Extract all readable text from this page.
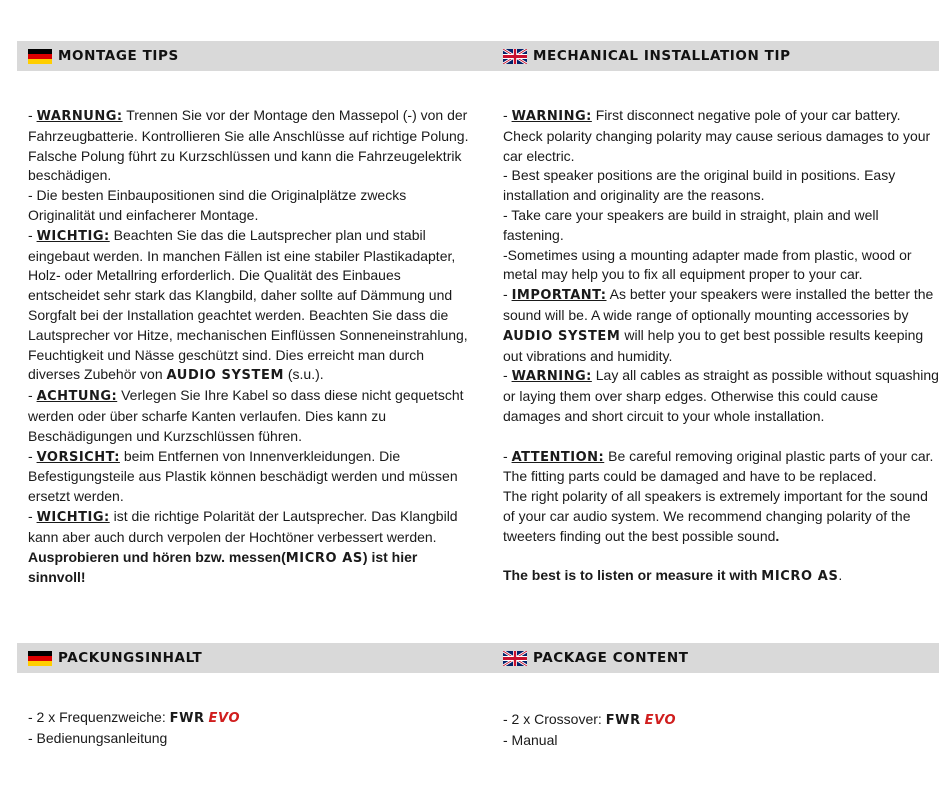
MONTAGE TIPS	MECHANICAL INSTALLATION TIP
PACKUNGSINHALT	PACKAGE CONTENT

- WARNUNG: Trennen Sie vor der Montage den Massepol (-) von der Fahrzeugbatterie. Kontrollieren Sie alle Anschlüsse auf richtige Polung. Falsche Polung führt zu Kurzschlüssen und kann die Fahrzeugelektrik beschädigen.

- Die besten Einbaupositionen sind die Originalplätze zwecks Originalität und einfacherer Montage.

- WICHTIG: Beachten Sie das die Lautsprecher plan und stabil eingebaut werden. In manchen Fällen ist eine stabiler Plastikadapter, Holz- oder Metallring erforderlich. Die Qualität des Einbaues entscheidet sehr stark das Klangbild, daher sollte auf Dämmung und Sorgfalt bei der Installation geachtet werden. Beachten Sie dass die Lautsprecher vor Hitze, mechanischen Einflüssen Sonneneinstrahlung, Feuchtigkeit und Nässe geschützt sind. Dies erreicht man durch diverses Zubehör von AUDIO SYSTEM (s.u.).

- ACHTUNG: Verlegen Sie Ihre Kabel so dass diese nicht gequetscht werden oder über scharfe Kanten verlaufen. Dies kann zu Beschädigungen und Kurzschlüssen führen.

- VORSICHT: beim Entfernen von Innenverkleidungen. Die Befestigungsteile aus Plastik können beschädigt werden und müssen ersetzt werden.

- WICHTIG: ist die richtige Polarität der Lautsprecher. Das Klangbild kann aber auch durch verpolen der Hochtöner verbessert werden.

Ausprobieren und hören bzw. messen(MICRO AS) ist hier sinnvoll!

- WARNING: First disconnect negative pole of your car battery. Check polarity changing polarity may cause serious damages to your car electric.

- Best speaker positions are the original build in positions. Easy installation and originality are the reasons.

- Take care your speakers are build in straight, plain and well fastening.

-Sometimes using a mounting adapter made from plastic, wood or metal may help you to fix all equipment proper to your car.

- IMPORTANT: As better your speakers were installed the better the sound will be. A wide range of optionally mounting accessories by AUDIO SYSTEM will help you to get best possible results keeping out vibrations and humidity.

- WARNING: Lay all cables as straight as possible without squashing or laying them over sharp edges. Otherwise this could cause damages and short circuit to your whole installation.

- ATTENTION: Be careful removing original plastic parts of your car. The fitting parts could be damaged and have to be replaced.

The right polarity of all speakers is extremely important for the sound of your car audio system. We recommend changing polarity of the tweeters finding out the best possible sound.

The best is to listen or measure it with MICRO AS.

- 2 x Frequenzweiche: FWR EVO

- Bedienungsanleitung

- 2 x Crossover: FWR EVO

- Manual
